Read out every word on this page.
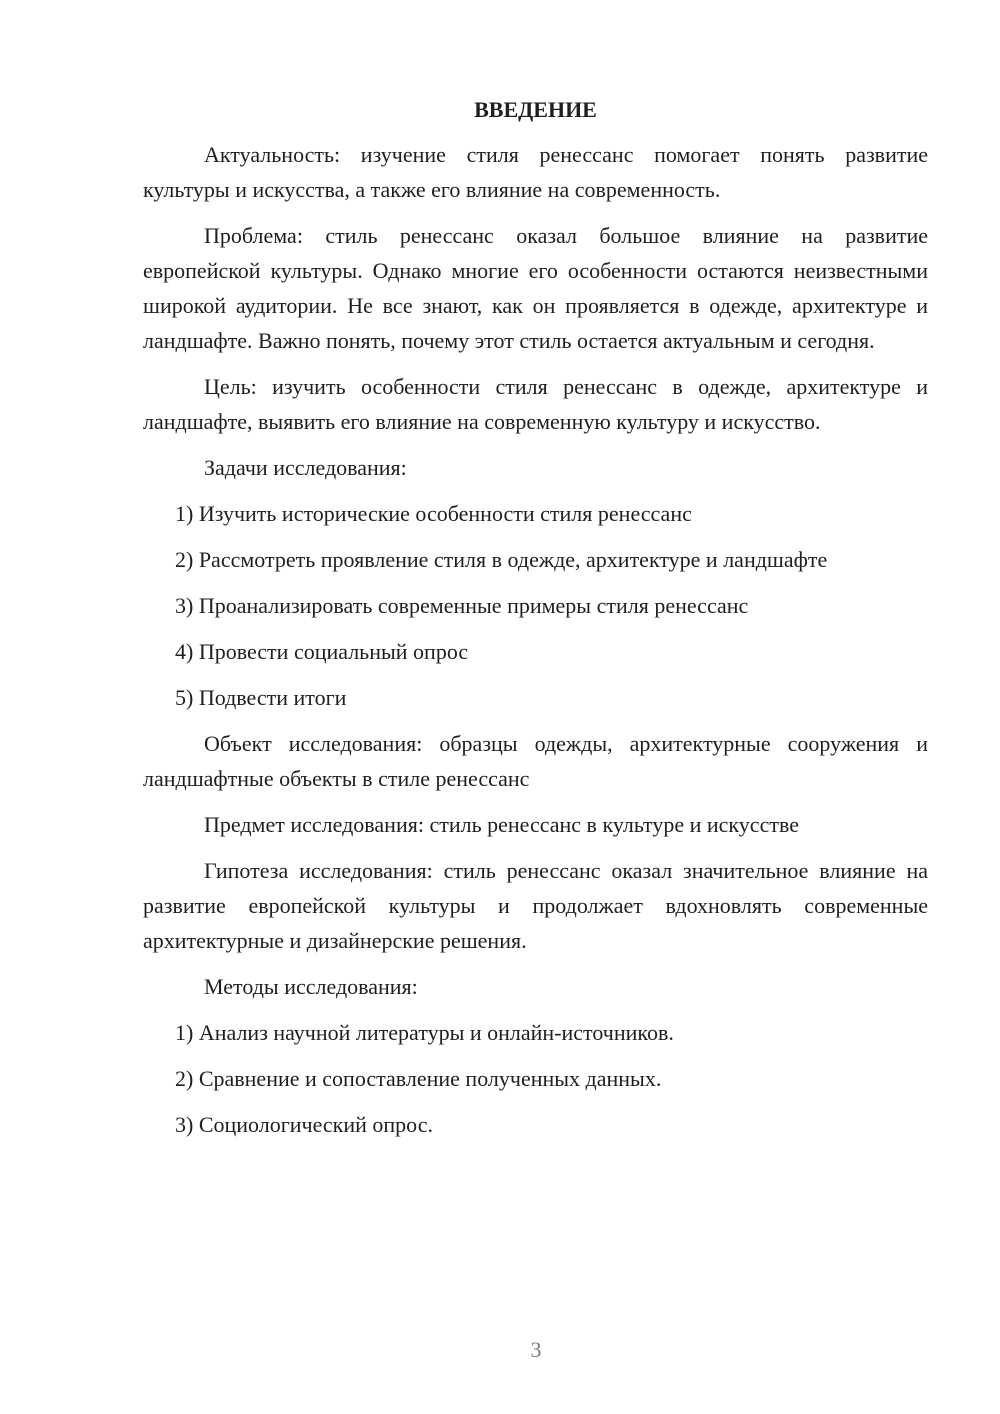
ВВЕДЕНИЕ

Актуальность: изучение стиля ренессанс помогает понять развитие культуры и искусства, а также его влияние на современность.

Проблема: стиль ренессанс оказал большое влияние на развитие европейской культуры. Однако многие его особенности остаются неизвестными широкой аудитории. Не все знают, как он проявляется в одежде, архитектуре и ландшафте. Важно понять, почему этот стиль остается актуальным и сегодня.

Цель: изучить особенности стиля ренессанс в одежде, архитектуре и ландшафте, выявить его влияние на современную культуру и искусство.

Задачи исследования:

1) Изучить исторические особенности стиля ренессанс
2) Рассмотреть проявление стиля в одежде, архитектуре и ландшафте
3) Проанализировать современные примеры стиля ренессанс
4) Провести социальный опрос
5) Подвести итоги

Объект исследования: образцы одежды, архитектурные сооружения и ландшафтные объекты в стиле ренессанс

Предмет исследования: стиль ренессанс в культуре и искусстве

Гипотеза исследования: стиль ренессанс оказал значительное влияние на развитие европейской культуры и продолжает вдохновлять современные архитектурные и дизайнерские решения.

Методы исследования:

1) Анализ научной литературы и онлайн-источников.
2) Сравнение и сопоставление полученных данных.
3) Социологический опрос.
3
